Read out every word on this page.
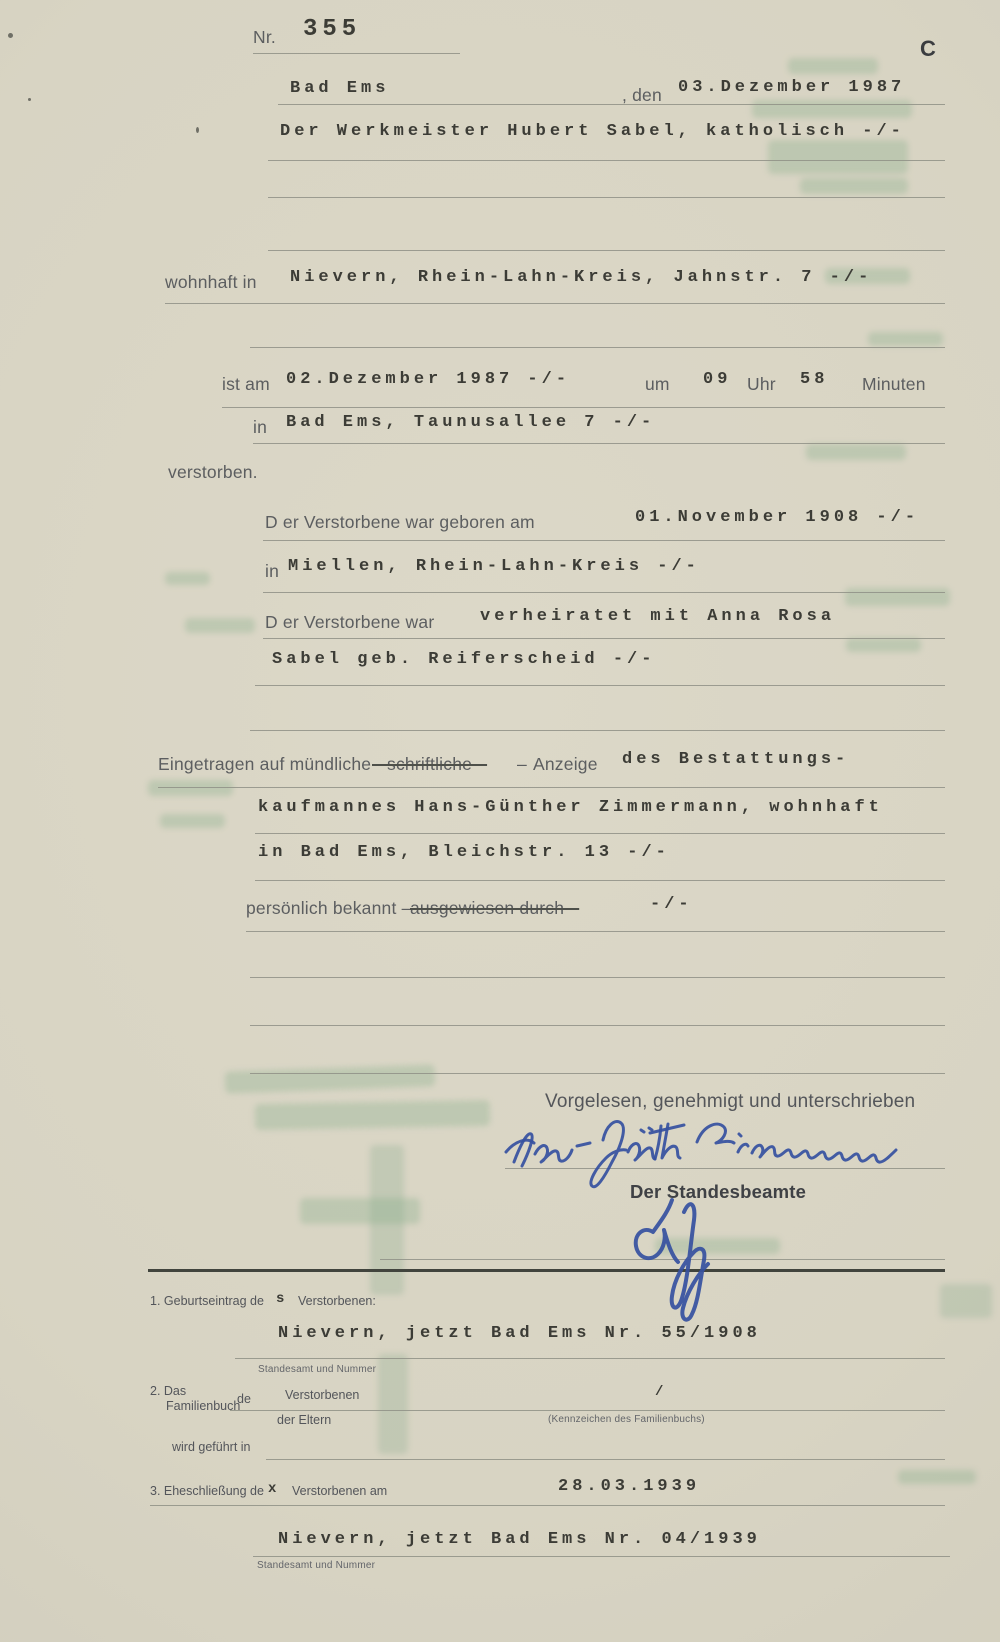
Nr. 355
C
Bad Ems	, den 03.Dezember 1987
Der Werkmeister Hubert Sabel, katholisch -/-
wohnhaft in Nievern, Rhein-Lahn-Kreis, Jahnstr. 7 -/-
ist am 02.Dezember 1987 -/-	um 09 Uhr 58 Minuten
in Bad Ems, Taunusallee 7 -/-
verstorben.
D er Verstorbene war geboren am	01.November 1908 -/-
in Miellen, Rhein-Lahn-Kreis -/-
D er Verstorbene war	verheiratet mit Anna Rosa
Sabel geb. Reiferscheid -/-
Eingetragen auf mündliche – schriftliche – – Anzeige des Bestattungs-
kaufmannes Hans-Günther Zimmermann, wohnhaft
in Bad Ems, Bleichstr. 13 -/-
persönlich bekannt –
ausgewiesen durch –	-/-
Vorgelesen, genehmigt und unterschrieben
Der Standesbeamte
1. Geburtseintrag de s Verstorbenen:
Nievern, jetzt Bad Ems Nr. 55/1908
Standesamt und Nummer
2. Das
Familienbuch
de	Verstorbenen	/
der Eltern	(Kennzeichen des Familienbuchs)
wird geführt in
3. Eheschließung de x Verstorbenen am	28.03.1939
Nievern, jetzt Bad Ems Nr. 04/1939
Standesamt und Nummer
